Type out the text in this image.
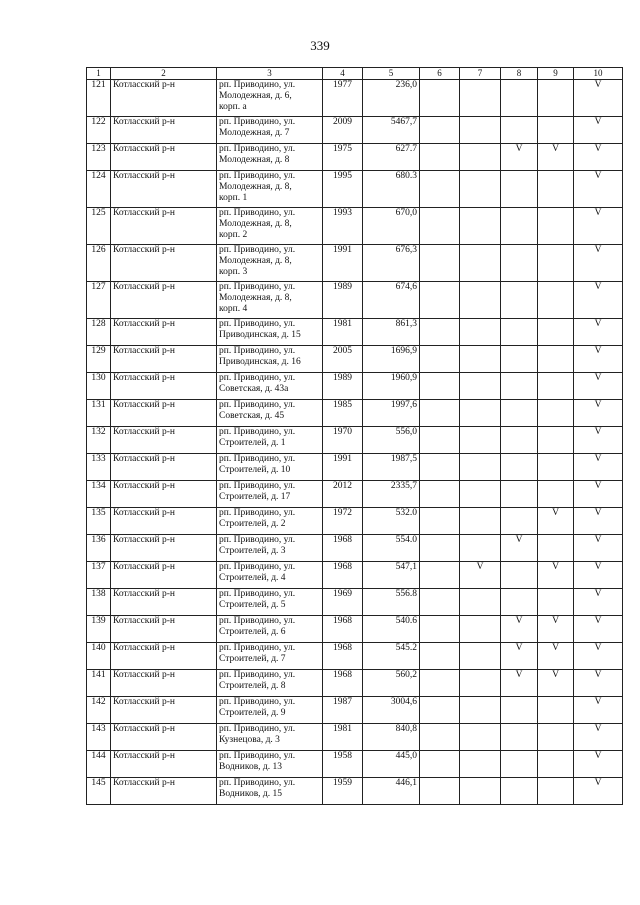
339
1	2	3	4	5	6	7	8	9	10
121	Котласский р-н	рп. Приводино, ул.
Молодежная, д. 6,
корп. а	1977	236,0					V
122	Котласский р-н	рп. Приводино, ул.
Молодежная, д. 7	2009	5467,7					V
123	Котласский р-н	рп. Приводино, ул.
Молодежная, д. 8	1975	627.7			V	V	V
124	Котласский р-н	рп. Приводино, ул.
Молодежная, д. 8,
корп. 1	1995	680.3					V
125	Котласский р-н	рп. Приводино, ул.
Молодежная, д. 8,
корп. 2	1993	670,0					V
126	Котласский р-н	рп. Приводино, ул.
Молодежная, д. 8,
корп. 3	1991	676,3					V
127	Котласский р-н	рп. Приводино, ул.
Молодежная, д. 8,
корп. 4	1989	674,6					V
128	Котласский р-н	рп. Приводино, ул.
Приводинская, д. 15	1981	861,3					V
129	Котласский р-н	рп. Приводино, ул.
Приводинская, д. 16	2005	1696,9					V
130	Котласский р-н	рп. Приводино, ул.
Советская, д. 43а	1989	1960,9					V
131	Котласский р-н	рп. Приводино, ул.
Советская, д. 45	1985	1997,6					V
132	Котласский р-н	рп. Приводино, ул.
Строителей, д. 1	1970	556,0					V
133	Котласский р-н	рп. Приводино, ул.
Строителей, д. 10	1991	1987,5					V
134	Котласский р-н	рп. Приводино, ул.
Строителей, д. 17	2012	2335,7					V
135	Котласский р-н	рп. Приводино, ул.
Строителей, д. 2	1972	532.0				V	V
136	Котласский р-н	рп. Приводино, ул.
Строителей, д. 3	1968	554.0			V		V
137	Котласский р-н	рп. Приводино, ул.
Строителей, д. 4	1968	547,1		V		V	V
138	Котласский р-н	рп. Приводино, ул.
Строителей, д. 5	1969	556.8					V
139	Котласский р-н	рп. Приводино, ул.
Строителей, д. 6	1968	540.6			V	V	V
140	Котласский р-н	рп. Приводино, ул.
Строителей, д. 7	1968	545.2			V	V	V
141	Котласский р-н	рп. Приводино, ул.
Строителей, д. 8	1968	560,2			V	V	V
142	Котласский р-н	рп. Приводино, ул.
Строителей, д. 9	1987	3004,6					V
143	Котласский р-н	рп. Приводино, ул.
Кузнецова, д. 3	1981	840,8					V
144	Котласский р-н	рп. Приводино, ул.
Водников, д. 13	1958	445,0					V
145	Котласский р-н	рп. Приводино, ул.
Водников, д. 15	1959	446,1					V
